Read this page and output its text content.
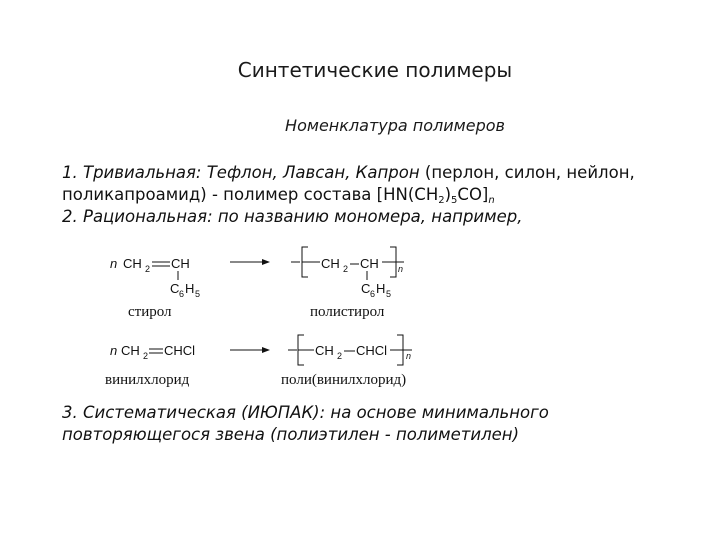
Синтетические полимеры
Номенклатура полимеров
1. Тривиальная: Тефлон, Лавсан, Капрон (перлон, силон, нейлон,
поликапроамид) - полимер состава $[HN(CH_2)_5CO]_n$
2. Рациональная: по названию мономера, например,
n CH 2 CH
C 6 H 5
стирол
CH 2 CH n
C 6 H 5
полистирол
n CH 2 CHCl
винилхлорид
CH 2 CHCl n
поли(винилхлорид)
3. Систематическая (ИЮПАК): на основе минимального
повторяющегося звена (полиэтилен - полиметилен)
